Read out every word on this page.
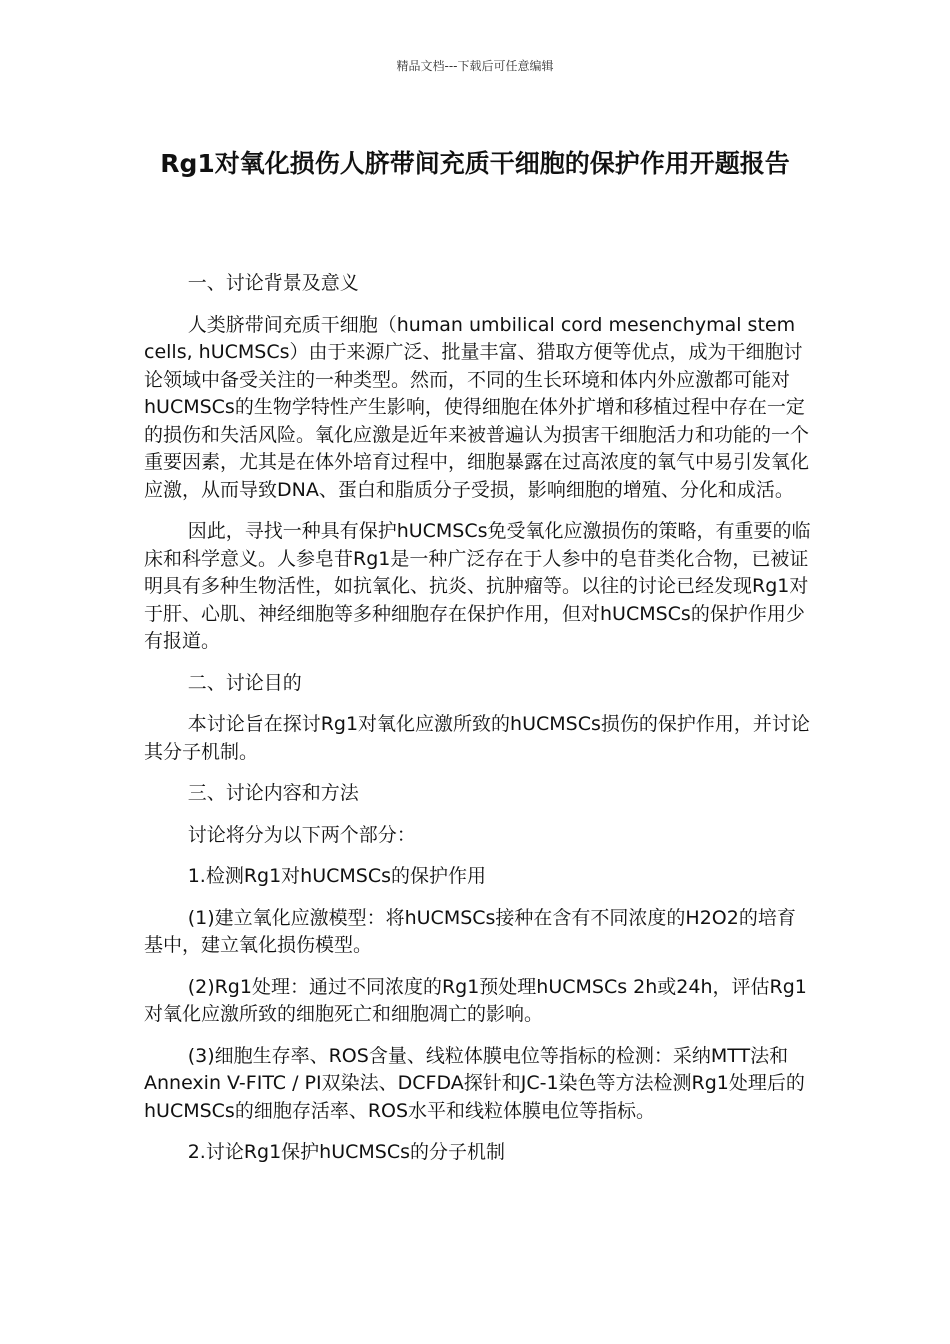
精品文档---下载后可任意编辑
Rg1对氧化损伤人脐带间充质干细胞的保护作用开题报告

一、讨论背景及意义

人类脐带间充质干细胞（human umbilical cord mesenchymal stem cells, hUCMSCs）由于来源广泛、批量丰富、猎取方便等优点，成为干细胞讨论领域中备受关注的一种类型。然而，不同的生长环境和体内外应激都可能对hUCMSCs的生物学特性产生影响，使得细胞在体外扩增和移植过程中存在一定的损伤和失活风险。氧化应激是近年来被普遍认为损害干细胞活力和功能的一个重要因素，尤其是在体外培育过程中，细胞暴露在过高浓度的氧气中易引发氧化应激，从而导致DNA、蛋白和脂质分子受损，影响细胞的增殖、分化和成活。

因此，寻找一种具有保护hUCMSCs免受氧化应激损伤的策略，有重要的临床和科学意义。人参皂苷Rg1是一种广泛存在于人参中的皂苷类化合物，已被证明具有多种生物活性，如抗氧化、抗炎、抗肿瘤等。以往的讨论已经发现Rg1对于肝、心肌、神经细胞等多种细胞存在保护作用，但对hUCMSCs的保护作用少有报道。

二、讨论目的

本讨论旨在探讨Rg1对氧化应激所致的hUCMSCs损伤的保护作用，并讨论其分子机制。

三、讨论内容和方法

讨论将分为以下两个部分：

1.检测Rg1对hUCMSCs的保护作用

(1)建立氧化应激模型：将hUCMSCs接种在含有不同浓度的H2O2的培育基中，建立氧化损伤模型。

(2)Rg1处理：通过不同浓度的Rg1预处理hUCMSCs 2h或24h，评估Rg1对氧化应激所致的细胞死亡和细胞凋亡的影响。

(3)细胞生存率、ROS含量、线粒体膜电位等指标的检测：采纳MTT法和Annexin V-FITC / PI双染法、DCFDA探针和JC-1染色等方法检测Rg1处理后的hUCMSCs的细胞存活率、ROS水平和线粒体膜电位等指标。

2.讨论Rg1保护hUCMSCs的分子机制
